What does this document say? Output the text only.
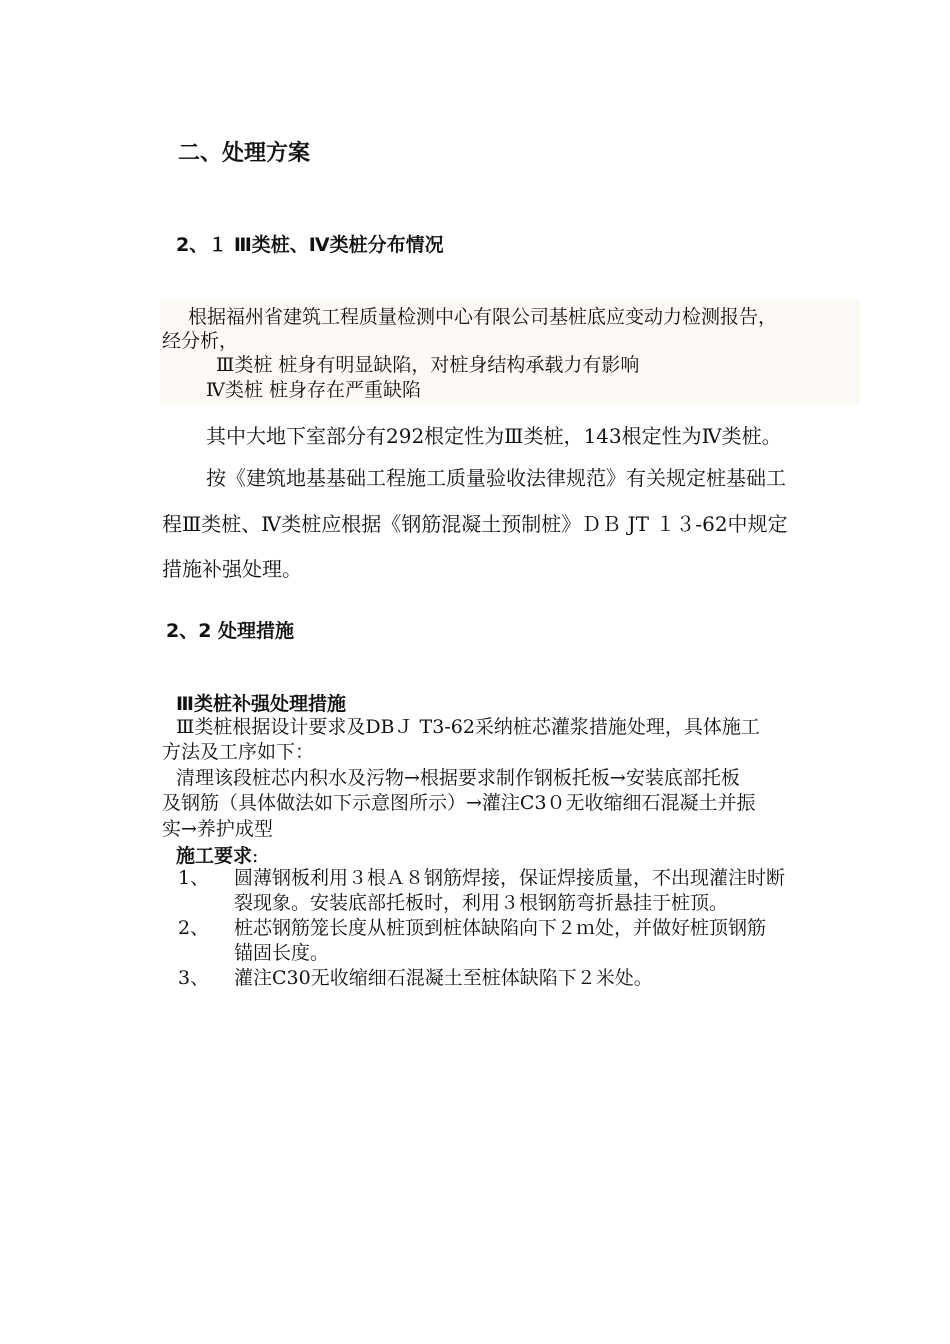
二、处理方案
2、１ Ⅲ类桩、Ⅳ类桩分布情况
根据福州省建筑工程质量检测中心有限公司基桩底应变动力检测报告，
经分析，
Ⅲ类桩 桩身有明显缺陷，对桩身结构承载力有影响
Ⅳ类桩 桩身存在严重缺陷
其中大地下室部分有292根定性为Ⅲ类桩，143根定性为Ⅳ类桩。
按《建筑地基基础工程施工质量验收法律规范》有关规定桩基础工
程Ⅲ类桩、Ⅳ类桩应根据《钢筋混凝土预制桩》ＤＢ JT １３-62中规定
措施补强处理。
2、2 处理措施
Ⅲ类桩补强处理措施
Ⅲ类桩根据设计要求及DBＪ T3-62采纳桩芯灌浆措施处理，具体施工
方法及工序如下：
清理该段桩芯内积水及污物→根据要求制作钢板托板→安装底部托板
及钢筋（具体做法如下示意图所示）→灌注C3０无收缩细石混凝土并振
实→养护成型
施工要求:
1、 圆薄钢板利用３根Ａ８钢筋焊接，保证焊接质量，不出现灌注时断
裂现象。安装底部托板时，利用３根钢筋弯折悬挂于桩顶。
2、 桩芯钢筋笼长度从桩顶到桩体缺陷向下２ｍ处，并做好桩顶钢筋
锚固长度。
3、 灌注C30无收缩细石混凝土至桩体缺陷下２米处。
